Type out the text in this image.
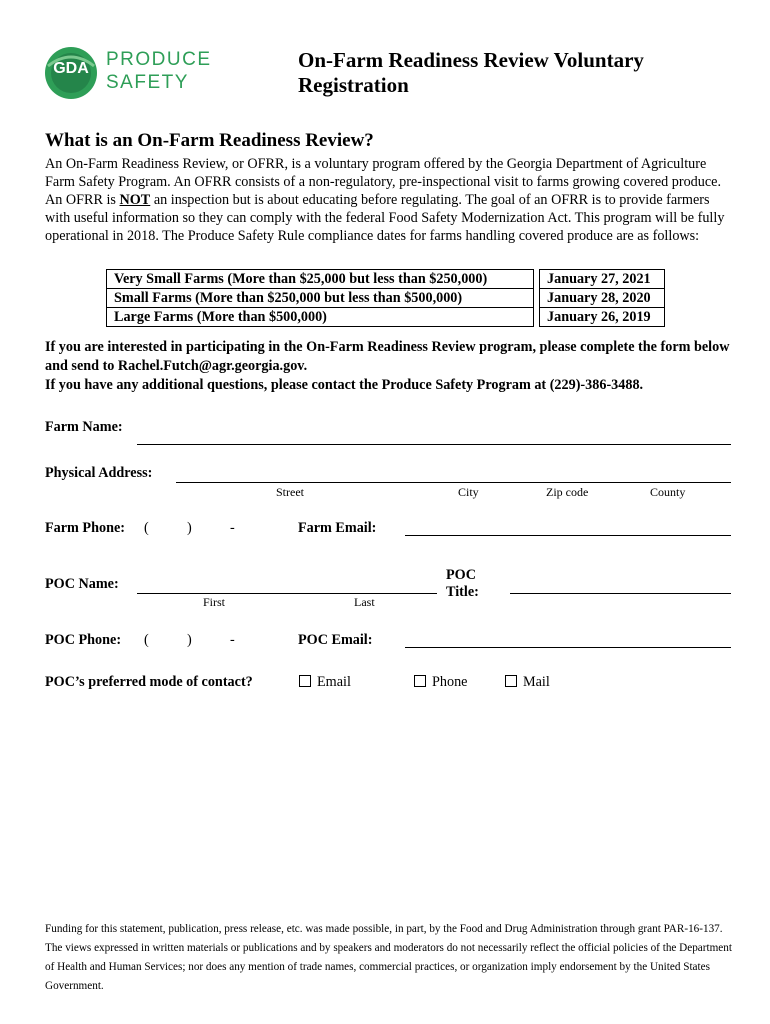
GDA PRODUCE
SAFETY
On-Farm Readiness Review Voluntary Registration
What is an On-Farm Readiness Review?
An On-Farm Readiness Review, or OFRR, is a voluntary program offered by the Georgia Department of Agriculture Farm Safety Program. An OFRR consists of a non-regulatory, pre-inspectional visit to farms growing covered produce. An OFRR is NOT an inspection but is about educating before regulating. The goal of an OFRR is to provide farmers with useful information so they can comply with the federal Food Safety Modernization Act. This program will be fully operational in 2018. The Produce Safety Rule compliance dates for farms handling covered produce are as follows:
Very Small Farms (More than $25,000 but less than $250,000)		January 27, 2021
Small Farms (More than $250,000 but less than $500,000)		January 28, 2020
Large Farms (More than $500,000)		January 26, 2019
If you are interested in participating in the On-Farm Readiness Review program, please complete the form below and send to Rachel.Futch@agr.georgia.gov.
If you have any additional questions, please contact the Produce Safety Program at (229)-386-3488.
Farm Name:
Physical Address:
Street	City	Zip code	County
Farm Phone: (	)	-	Farm Email:
POC Name:
First	Last
POC
Title:
POC Phone: (	)	-	POC Email:
POC’s preferred mode of contact?	Email	Phone	Mail
Funding for this statement, publication, press release, etc. was made possible, in part, by the Food and Drug Administration through grant PAR-16-137. The views expressed in written materials or publications and by speakers and moderators do not necessarily reflect the official policies of the Department of Health and Human Services; nor does any mention of trade names, commercial practices, or organization imply endorsement by the United States Government.
